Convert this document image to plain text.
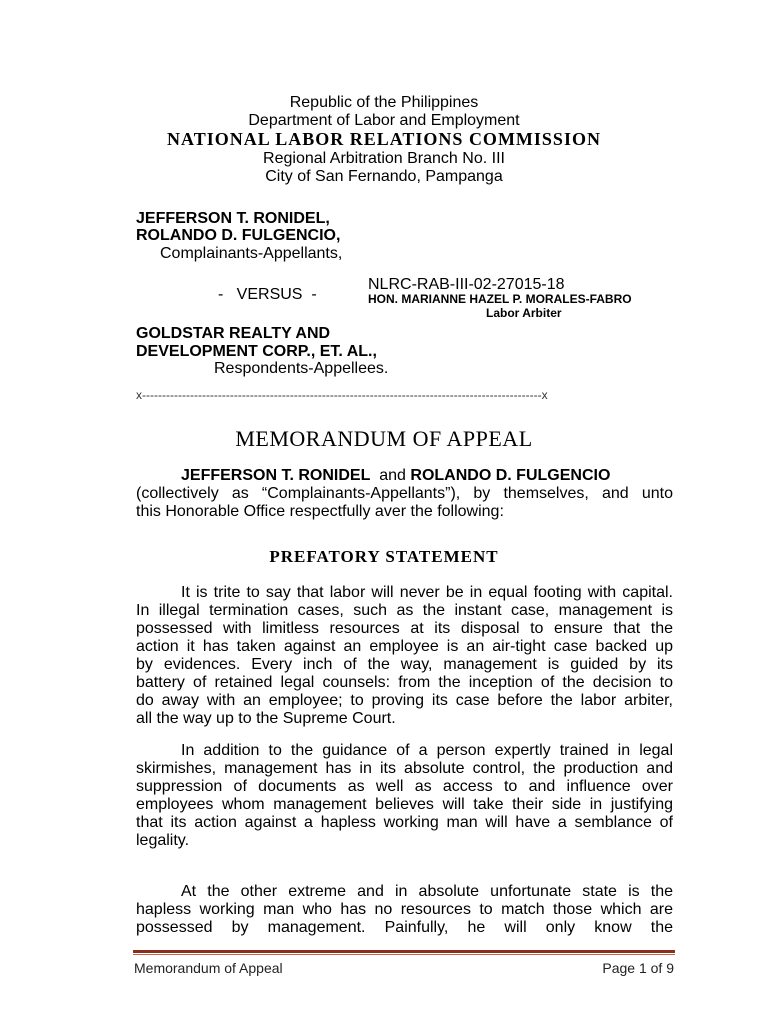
Republic of the Philippines
Department of Labor and Employment
NATIONAL LABOR RELATIONS COMMISSION
Regional Arbitration Branch No. III
City of San Fernando, Pampanga
JEFFERSON T. RONIDEL,
ROLANDO D. FULGENCIO,
Complainants-Appellants,
NLRC-RAB-III-02-27015-18
-   VERSUS  -	HON. MARIANNE HAZEL P. MORALES-FABRO
Labor Arbiter
GOLDSTAR REALTY AND
DEVELOPMENT CORP., ET. AL.,
Respondents-Appellees.
x----------------------------------------------------------------------------------------------------x
MEMORANDUM OF APPEAL
JEFFERSON T. RONIDEL and ROLANDO D. FULGENCIO
(collectively as “Complainants-Appellants”), by themselves, and unto
this Honorable Office respectfully aver the following:
PREFATORY STATEMENT
It is trite to say that labor will never be in equal footing with capital.
In illegal termination cases, such as the instant case, management is
possessed with limitless resources at its disposal to ensure that the
action it has taken against an employee is an air-tight case backed up
by evidences. Every inch of the way, management is guided by its
battery of retained legal counsels: from the inception of the decision to
do away with an employee; to proving its case before the labor arbiter,
all the way up to the Supreme Court.
In addition to the guidance of a person expertly trained in legal
skirmishes, management has in its absolute control, the production and
suppression of documents as well as access to and influence over
employees whom management believes will take their side in justifying
that its action against a hapless working man will have a semblance of
legality.
At the other extreme and in absolute unfortunate state is the
hapless working man who has no resources to match those which are
possessed by management. Painfully, he will only know the
Memorandum of Appeal	Page 1 of 9
